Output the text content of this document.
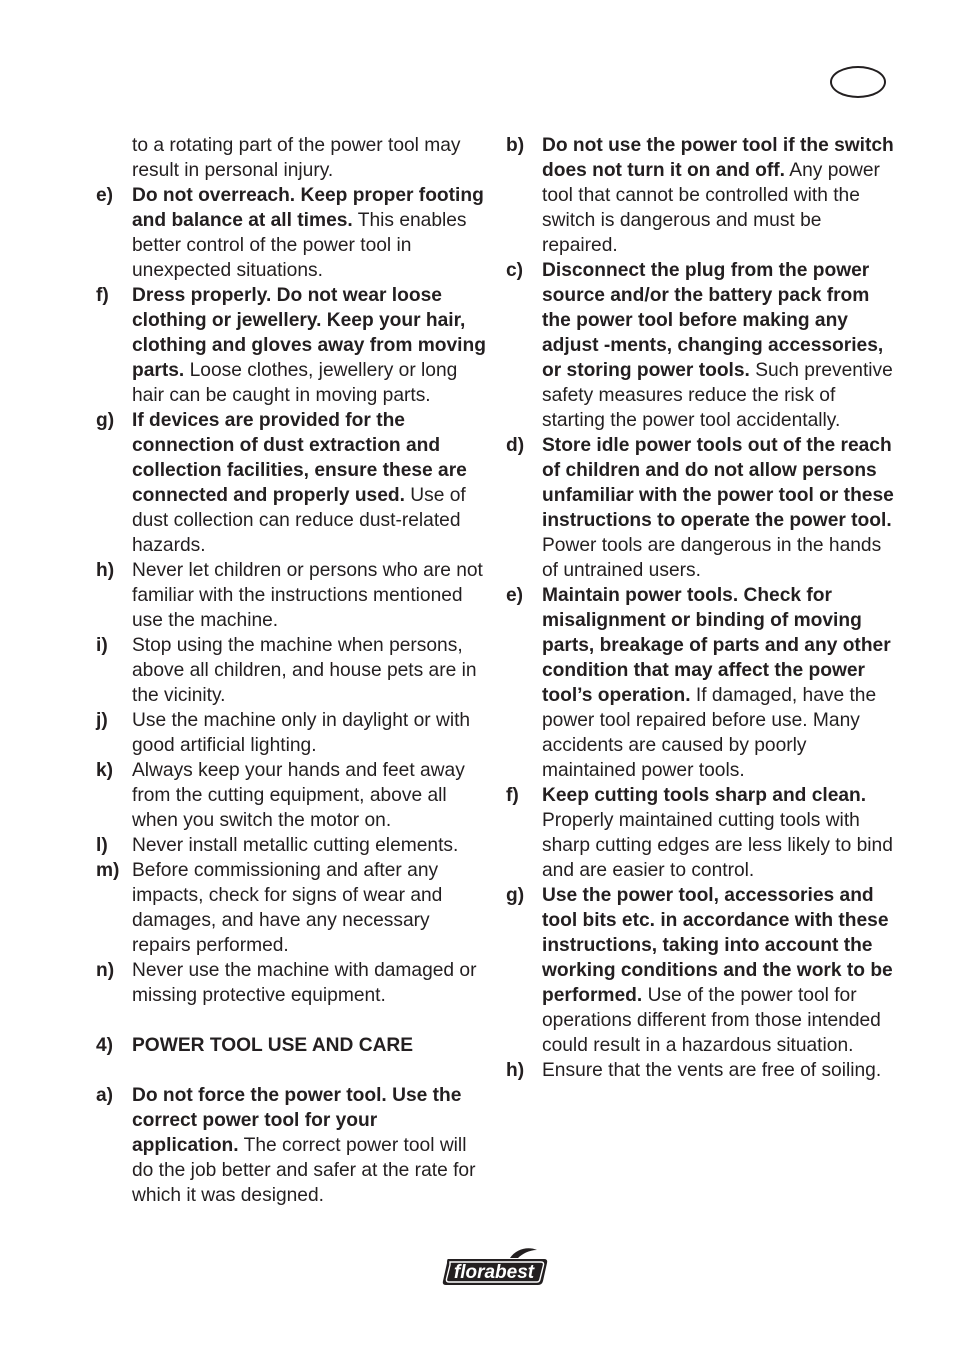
to a rotating part of the power tool may result in personal injury.
e) Do not overreach. Keep proper footing and balance at all times. This enables better control of the power tool in unexpected situations.
f) Dress properly. Do not wear loose clothing or jewellery. Keep your hair, clothing and gloves away from moving parts. Loose clothes, jewellery or long hair can be caught in moving parts.
g) If devices are provided for the connection of dust extraction and collection facilities, ensure these are connected and properly used. Use of dust collection can reduce dust-related hazards.
h) Never let children or persons who are not familiar with the instructions mentioned use the machine.
i) Stop using the machine when persons, above all children, and house pets are in the vicinity.
j) Use the machine only in daylight or with good artificial lighting.
k) Always keep your hands and feet away from the cutting equipment, above all when you switch the motor on.
l) Never install metallic cutting elements.
m) Before commissioning and after any impacts, check for signs of wear and damages, and have any necessary repairs performed.
n) Never use the machine with damaged or missing protective equipment.
4) POWER TOOL USE AND CARE
a) Do not force the power tool. Use the correct power tool for your application. The correct power tool will do the job better and safer at the rate for which it was designed.
b) Do not use the power tool if the switch does not turn it on and off. Any power tool that cannot be controlled with the switch is dangerous and must be repaired.
c) Disconnect the plug from the power source and/or the battery pack from the power tool before making any adjust -ments, changing accessories, or storing power tools. Such preventive safety measures reduce the risk of starting the power tool accidentally.
d) Store idle power tools out of the reach of children and do not allow persons unfamiliar with the power tool or these instructions to operate the power tool. Power tools are dangerous in the hands of untrained users.
e) Maintain power tools. Check for misalignment or binding of moving parts, breakage of parts and any other condition that may affect the power tool’s operation. If damaged, have the power tool repaired before use. Many accidents are caused by poorly maintained power tools.
f) Keep cutting tools sharp and clean. Properly maintained cutting tools with sharp cutting edges are less likely to bind and are easier to control.
g) Use the power tool, accessories and tool bits etc. in accordance with these instructions, taking into account the working conditions and the work to be performed. Use of the power tool for operations different from those intended could result in a hazardous situation.
h) Ensure that the vents are free of soiling.
florabest
